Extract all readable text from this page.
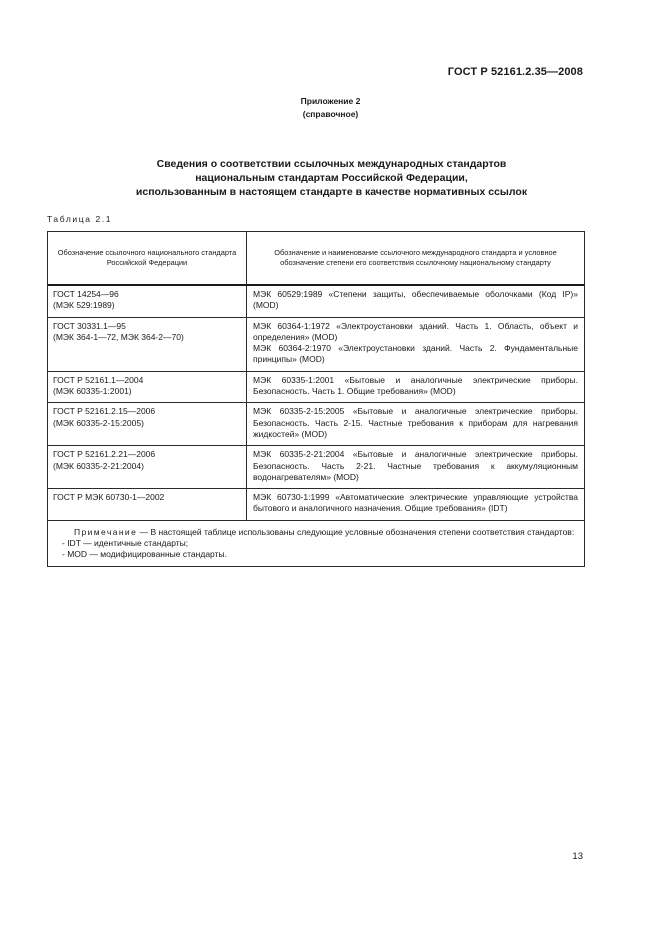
ГОСТ Р 52161.2.35—2008
Приложение 2
(справочное)
Сведения о соответствии ссылочных международных стандартов
национальным стандартам Российской Федерации,
использованным в настоящем стандарте в качестве нормативных ссылок
Таблица 2.1
Обозначение ссылочного национального стандарта Российской Федерации	Обозначение и наименование ссылочного международного стандарта и условное обозначение степени его соответствия ссылочному национальному стандарту

ГОСТ 14254—96
(МЭК 529:1989)	МЭК 60529:1989 «Степени защиты, обеспечиваемые оболочками (Код IP)» (MOD)

ГОСТ 30331.1—95
(МЭК 364-1—72, МЭК 364-2—70)	МЭК 60364-1:1972 «Электроустановки зданий. Часть 1. Область, объект и определения» (MOD)
МЭК 60364-2:1970 «Электроустановки зданий. Часть 2. Фундаментальные принципы» (MOD)

ГОСТ Р 52161.1—2004
(МЭК 60335-1:2001)	МЭК 60335-1:2001 «Бытовые и аналогичные электрические приборы. Безопасность. Часть 1. Общие требования» (MOD)

ГОСТ Р 52161.2.15—2006
(МЭК 60335-2-15:2005)	МЭК 60335-2-15:2005 «Бытовые и аналогичные электрические приборы. Безопасность. Часть 2-15. Частные требования к приборам для нагревания жидкостей» (MOD)

ГОСТ Р 52161.2.21—2006
(МЭК 60335-2-21:2004)	МЭК 60335-2-21:2004 «Бытовые и аналогичные электрические приборы. Безопасность. Часть 2-21. Частные требования к аккумуляционным водонагревателям» (MOD)

ГОСТ Р МЭК 60730-1—2002	МЭК 60730-1:1999 «Автоматические электрические управляющие устройства бытового и аналогичного назначения. Общие требования» (IDT)

Примечание — В настоящей таблице использованы следующие условные обозначения степени соответствия стандартов:
- IDT — идентичные стандарты;
- MOD — модифицированные стандарты.	
13
